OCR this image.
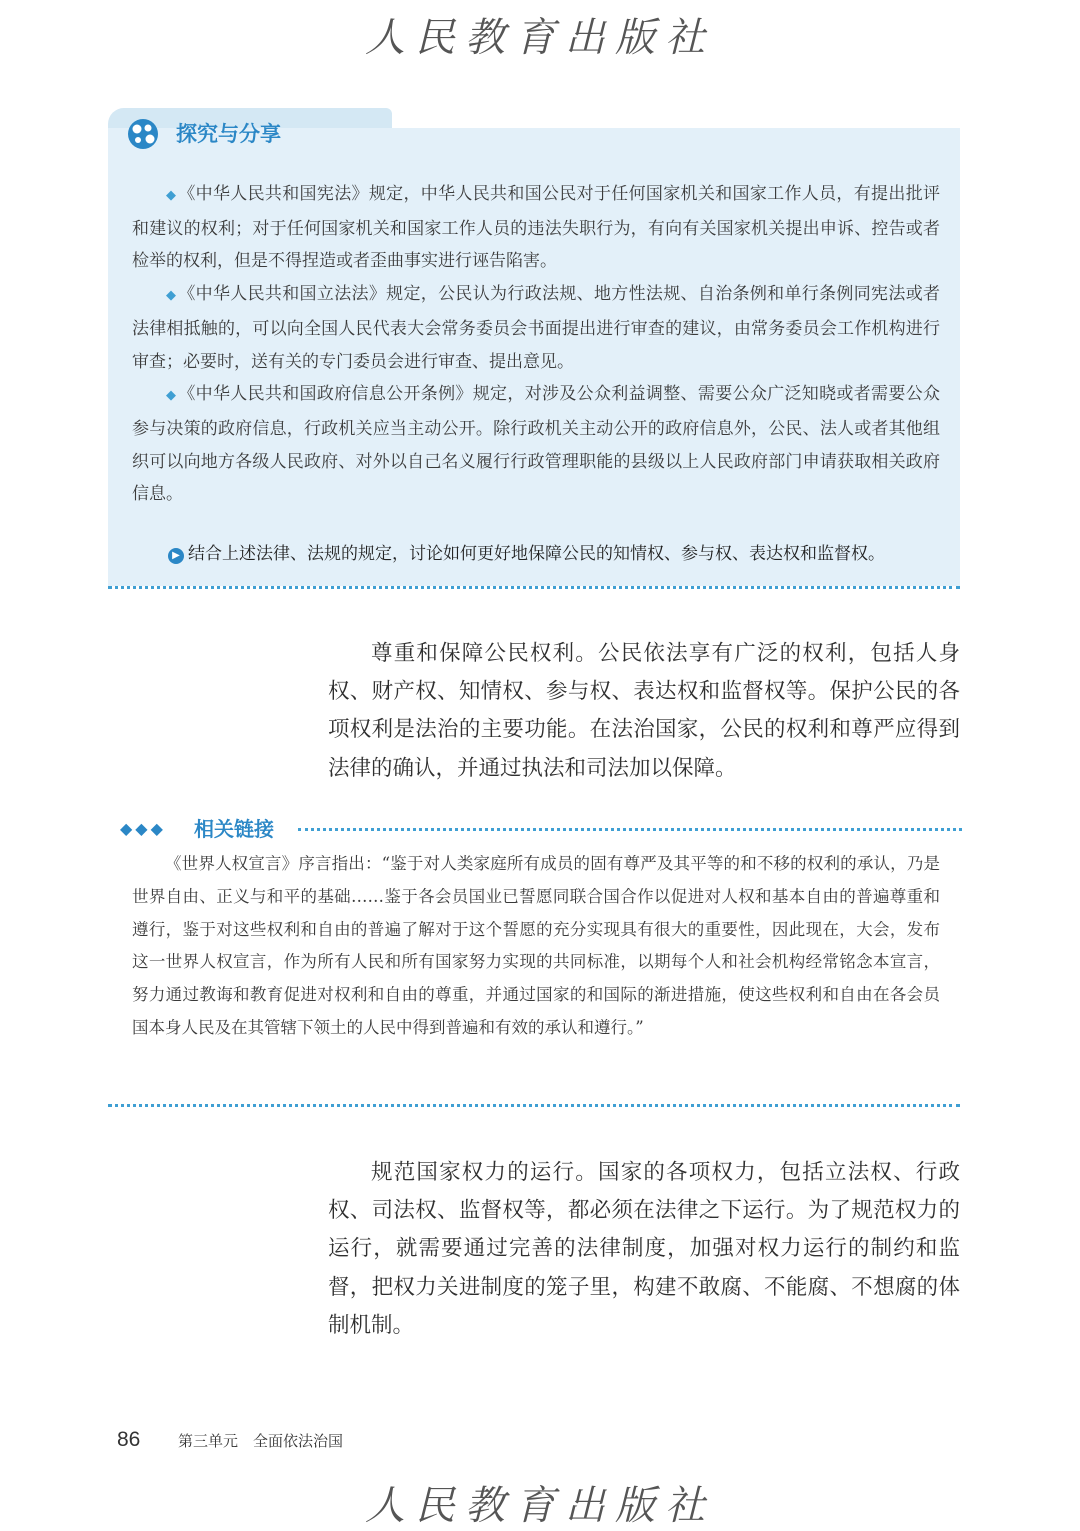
人民教育出版社
探究与分享

◆ 《中华人民共和国宪法》规定，中华人民共和国公民对于任何国家机关和国家工作人员，有提出批评和建议的权利；对于任何国家机关和国家工作人员的违法失职行为，有向有关国家机关提出申诉、控告或者检举的权利，但是不得捏造或者歪曲事实进行诬告陷害。

◆ 《中华人民共和国立法法》规定，公民认为行政法规、地方性法规、自治条例和单行条例同宪法或者法律相抵触的，可以向全国人民代表大会常务委员会书面提出进行审查的建议，由常务委员会工作机构进行审查；必要时，送有关的专门委员会进行审查、提出意见。

◆ 《中华人民共和国政府信息公开条例》规定，对涉及公众利益调整、需要公众广泛知晓或者需要公众参与决策的政府信息，行政机关应当主动公开。除行政机关主动公开的政府信息外，公民、法人或者其他组织可以向地方各级人民政府、对外以自己名义履行行政管理职能的县级以上人民政府部门申请获取相关政府信息。

▶ 结合上述法律、法规的规定，讨论如何更好地保障公民的知情权、参与权、表达权和监督权。

尊重和保障公民权利。公民依法享有广泛的权利，包括人身权、财产权、知情权、参与权、表达权和监督权等。保护公民的各项权利是法治的主要功能。在法治国家，公民的权利和尊严应得到法律的确认，并通过执法和司法加以保障。

◆◆◆ 相关链接

《世界人权宣言》序言指出：“鉴于对人类家庭所有成员的固有尊严及其平等的和不移的权利的承认，乃是世界自由、正义与和平的基础……鉴于各会员国业已誓愿同联合国合作以促进对人权和基本自由的普遍尊重和遵行，鉴于对这些权利和自由的普遍了解对于这个誓愿的充分实现具有很大的重要性，因此现在，大会，发布这一世界人权宣言，作为所有人民和所有国家努力实现的共同标准，以期每个人和社会机构经常铭念本宣言，努力通过教诲和教育促进对权利和自由的尊重，并通过国家的和国际的渐进措施，使这些权利和自由在各会员国本身人民及在其管辖下领土的人民中得到普遍和有效的承认和遵行。”

规范国家权力的运行。国家的各项权力，包括立法权、行政权、司法权、监督权等，都必须在法律之下运行。为了规范权力的运行，就需要通过完善的法律制度，加强对权力运行的制约和监督，把权力关进制度的笼子里，构建不敢腐、不能腐、不想腐的体制机制。

86	第三单元　全面依法治国
人民教育出版社
